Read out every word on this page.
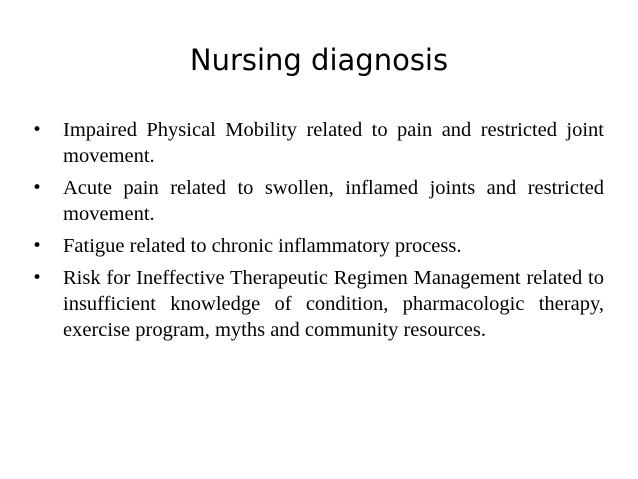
Nursing diagnosis
•	Impaired Physical Mobility related to pain and restricted joint movement.
•	Acute pain related to swollen, inflamed joints and restricted movement.
•	Fatigue related to chronic inflammatory process.
•	Risk for Ineffective Therapeutic Regimen Management related to insufficient knowledge of condition, pharmacologic therapy, exercise program, myths and community resources.
